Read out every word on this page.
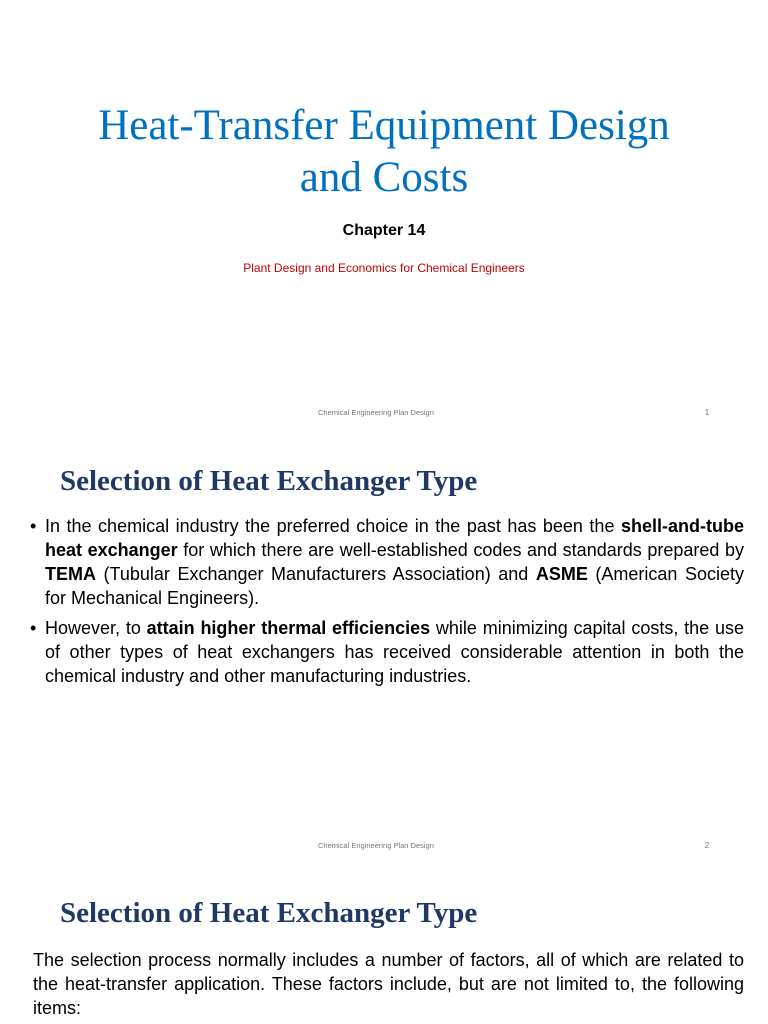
Heat-Transfer Equipment Design
and Costs

Chapter 14

Plant Design and Economics for Chemical Engineers

Chemical Engineering Plan Design	1
Selection of Heat Exchanger Type
• In the chemical industry the preferred choice in the past has been the shell-and-tube heat exchanger for which there are well-established codes and standards prepared by TEMA (Tubular Exchanger Manufacturers Association) and ASME (American Society for Mechanical Engineers).
• However, to attain higher thermal efficiencies while minimizing capital costs, the use of other types of heat exchangers has received considerable attention in both the chemical industry and other manufacturing industries.
Chemical Engineering Plan Design	2
Selection of Heat Exchanger Type

The selection process normally includes a number of factors, all of which are related to the heat-transfer application. These factors include, but are not limited to, the following items:
